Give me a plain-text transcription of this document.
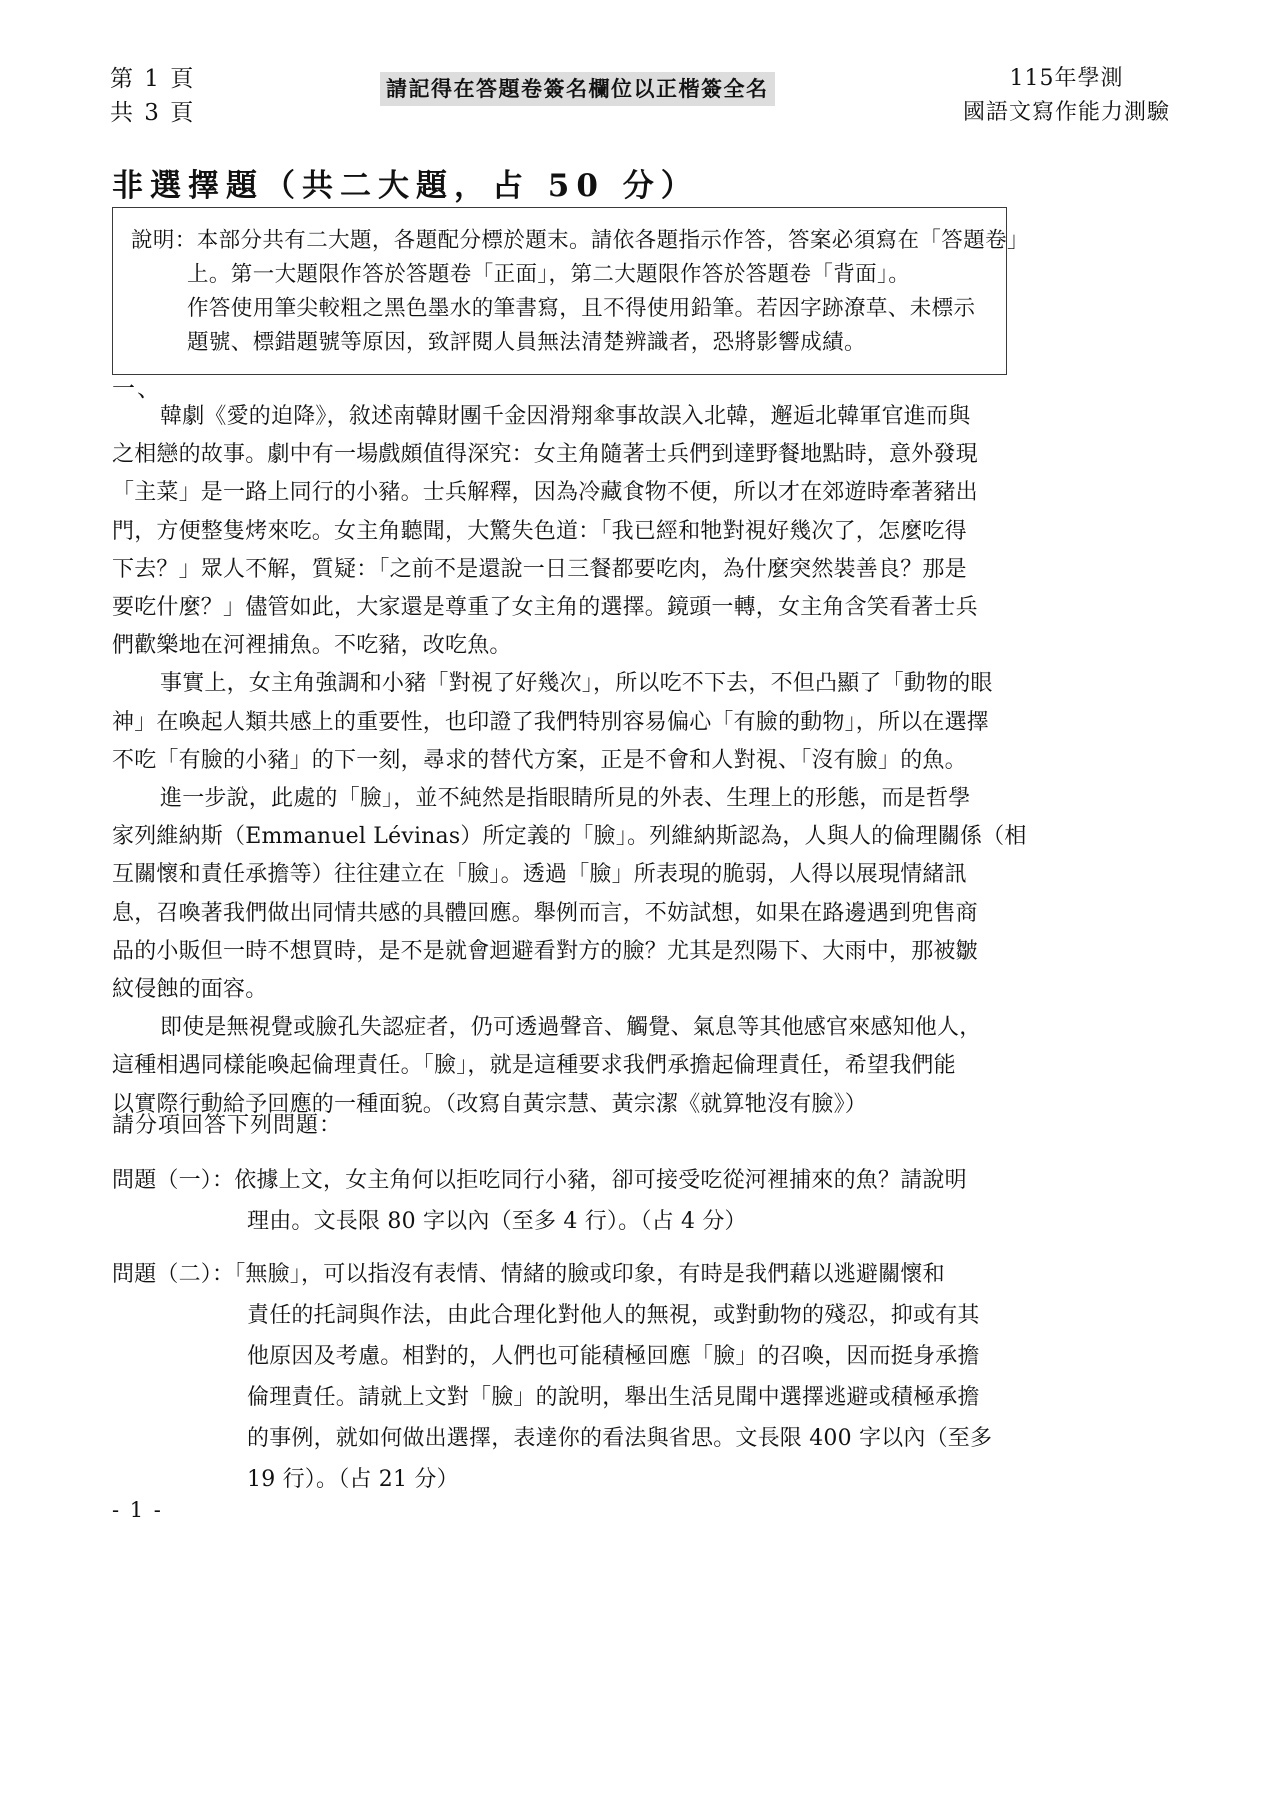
第 1 頁
共 3 頁
請記得在答題卷簽名欄位以正楷簽全名	115年學測
國語文寫作能力測驗
非選擇題（共二大題，占 50 分）
說明：本部分共有二大題，各題配分標於題末。請依各題指示作答，答案必須寫在「答題卷」
上。第一大題限作答於答題卷「正面」，第二大題限作答於答題卷「背面」。
作答使用筆尖較粗之黑色墨水的筆書寫，且不得使用鉛筆。若因字跡潦草、未標示
題號、標錯題號等原因，致評閱人員無法清楚辨識者，恐將影響成績。
一、
韓劇《愛的迫降》，敘述南韓財團千金因滑翔傘事故誤入北韓，邂逅北韓軍官進而與
之相戀的故事。劇中有一場戲頗值得深究：女主角隨著士兵們到達野餐地點時，意外發現
「主菜」是一路上同行的小豬。士兵解釋，因為冷藏食物不便，所以才在郊遊時牽著豬出
門，方便整隻烤來吃。女主角聽聞，大驚失色道：「我已經和牠對視好幾次了，怎麼吃得
下去？」眾人不解，質疑：「之前不是還說一日三餐都要吃肉，為什麼突然裝善良？那是
要吃什麼？」儘管如此，大家還是尊重了女主角的選擇。鏡頭一轉，女主角含笑看著士兵
們歡樂地在河裡捕魚。不吃豬，改吃魚。
事實上，女主角強調和小豬「對視了好幾次」，所以吃不下去，不但凸顯了「動物的眼
神」在喚起人類共感上的重要性，也印證了我們特別容易偏心「有臉的動物」，所以在選擇
不吃「有臉的小豬」的下一刻，尋求的替代方案，正是不會和人對視、「沒有臉」的魚。
進一步說，此處的「臉」，並不純然是指眼睛所見的外表、生理上的形態，而是哲學
家列維納斯（Emmanuel Lévinas）所定義的「臉」。列維納斯認為，人與人的倫理關係（相
互關懷和責任承擔等）往往建立在「臉」。透過「臉」所表現的脆弱，人得以展現情緒訊
息，召喚著我們做出同情共感的具體回應。舉例而言，不妨試想，如果在路邊遇到兜售商
品的小販但一時不想買時，是不是就會迴避看對方的臉？尤其是烈陽下、大雨中，那被皺
紋侵蝕的面容。
即使是無視覺或臉孔失認症者，仍可透過聲音、觸覺、氣息等其他感官來感知他人，
這種相遇同樣能喚起倫理責任。「臉」，就是這種要求我們承擔起倫理責任，希望我們能
以實際行動給予回應的一種面貌。（改寫自黃宗慧、黃宗潔《就算牠沒有臉》）
請分項回答下列問題：
問題（一）：依據上文，女主角何以拒吃同行小豬，卻可接受吃從河裡捕來的魚？請說明
理由。文長限 80 字以內（至多 4 行）。（占 4 分）
問題（二）：「無臉」，可以指沒有表情、情緒的臉或印象，有時是我們藉以逃避關懷和
責任的托詞與作法，由此合理化對他人的無視，或對動物的殘忍，抑或有其
他原因及考慮。相對的，人們也可能積極回應「臉」的召喚，因而挺身承擔
倫理責任。請就上文對「臉」的說明，舉出生活見聞中選擇逃避或積極承擔
的事例，就如何做出選擇，表達你的看法與省思。文長限 400 字以內（至多
19 行）。（占 21 分）
- 1 -
